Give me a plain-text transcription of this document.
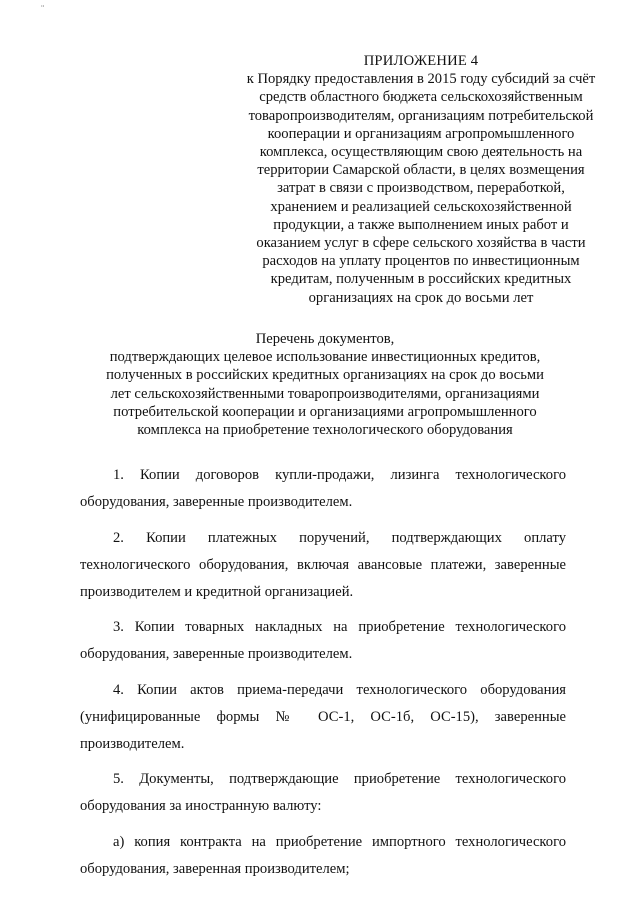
¨
ПРИЛОЖЕНИЕ 4
к Порядку предоставления в 2015 году субсидий за счёт
средств областного бюджета сельскохозяйственным
товаропроизводителям, организациям потребительской
кооперации и организациям агропромышленного
комплекса, осуществляющим свою деятельность на
территории Самарской области, в целях возмещения
затрат в связи с производством, переработкой,
хранением и реализацией сельскохозяйственной
продукции, а также выполнением иных работ и
оказанием услуг в сфере сельского хозяйства в части
расходов на уплату процентов по инвестиционным
кредитам, полученным в российских кредитных
организациях на срок до восьми лет
Перечень документов,
подтверждающих целевое использование инвестиционных кредитов,
полученных в российских кредитных организациях на срок до восьми
лет сельскохозяйственными товаропроизводителями, организациями
потребительской кооперации и организациями агропромышленного
комплекса на приобретение технологического оборудования
1. Копии договоров купли-продажи, лизинга технологического
оборудования, заверенные производителем.
2. Копии платежных поручений, подтверждающих оплату
технологического оборудования, включая авансовые платежи, заверенные
производителем и кредитной организацией.
3. Копии товарных накладных на приобретение технологического
оборудования, заверенные производителем.
4. Копии актов приема-передачи технологического оборудования
(унифицированные формы № ОС-1, ОС-1б, ОС-15), заверенные
производителем.
5. Документы, подтверждающие приобретение технологического
оборудования за иностранную валюту:
а) копия контракта на приобретение импортного технологического
оборудования, заверенная производителем;
